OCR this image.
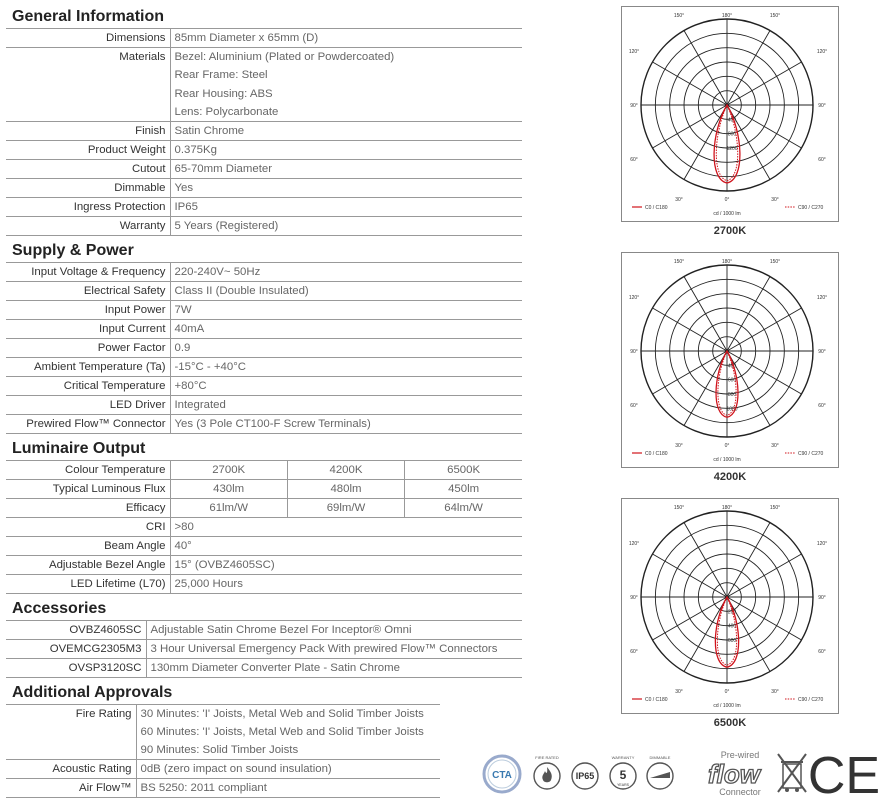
General Information
Dimensions	85mm Diameter x 65mm (D)
Materials	Bezel: Aluminium (Plated or Powdercoated)
	Rear Frame: Steel
	Rear Housing: ABS
	Lens: Polycarbonate
Finish	Satin Chrome
Product Weight	0.375Kg
Cutout	65-70mm Diameter
Dimmable	Yes
Ingress Protection	IP65
Warranty	5 Years (Registered)
Supply & Power
Input Voltage & Frequency	220-240V~ 50Hz
Electrical Safety	Class II (Double Insulated)
Input Power	7W
Input Current	40mA
Power Factor	0.9
Ambient Temperature (Ta)	-15°C - +40°C
Critical Temperature	+80°C
LED Driver	Integrated
Prewired Flow™ Connector	Yes (3 Pole CT100-F Screw Terminals)
Luminaire Output
Colour Temperature	2700K	4200K	6500K
Typical Luminous Flux	430lm	480lm	450lm
Efficacy	61lm/W	69lm/W	64lm/W
CRI	>80		
Beam Angle	40°		
Adjustable Bezel Angle	15° (OVBZ4605SC)		
LED Lifetime (L70)	25,000 Hours		
Accessories
OVBZ4605SC	Adjustable Satin Chrome Bezel For Inceptor® Omni
OVEMCG2305M3	3 Hour Universal Emergency Pack With prewired Flow™ Connectors
OVSP3120SC	130mm Diameter Converter Plate - Satin Chrome
Additional Approvals
Fire Rating	30 Minutes: 'I' Joists, Metal Web and Solid Timber Joists
	60 Minutes: 'I' Joists, Metal Web and Solid Timber Joists
	90 Minutes: Solid Timber Joists
Acoustic Rating	0dB (zero impact on sound insulation)
Air Flow™	BS 5250: 2011 compliant
150°	180°	150°
120°	120°
90°	90°
60°	60°
30°	0°	30°
400
800
1200
C0 / C180	C90 / C270
cd / 1000 lm
2700K
150°	180°	150°
120°	120°
90°	90°
60°	60°
30°	0°	30°
400
600
800
1000
C0 / C180	C90 / C270
cd / 1000 lm
4200K
150°	180°	150°
120°	120°
90°	90°
60°	60°
30°	0°	30°
200
400
600
C0 / C180	C90 / C270
cd / 1000 lm
6500K
CTA
FIRE RATED
IP65
WARRANTY
5
YEARS
DIMMABLE	Pre-wired
flow
Connector CE
